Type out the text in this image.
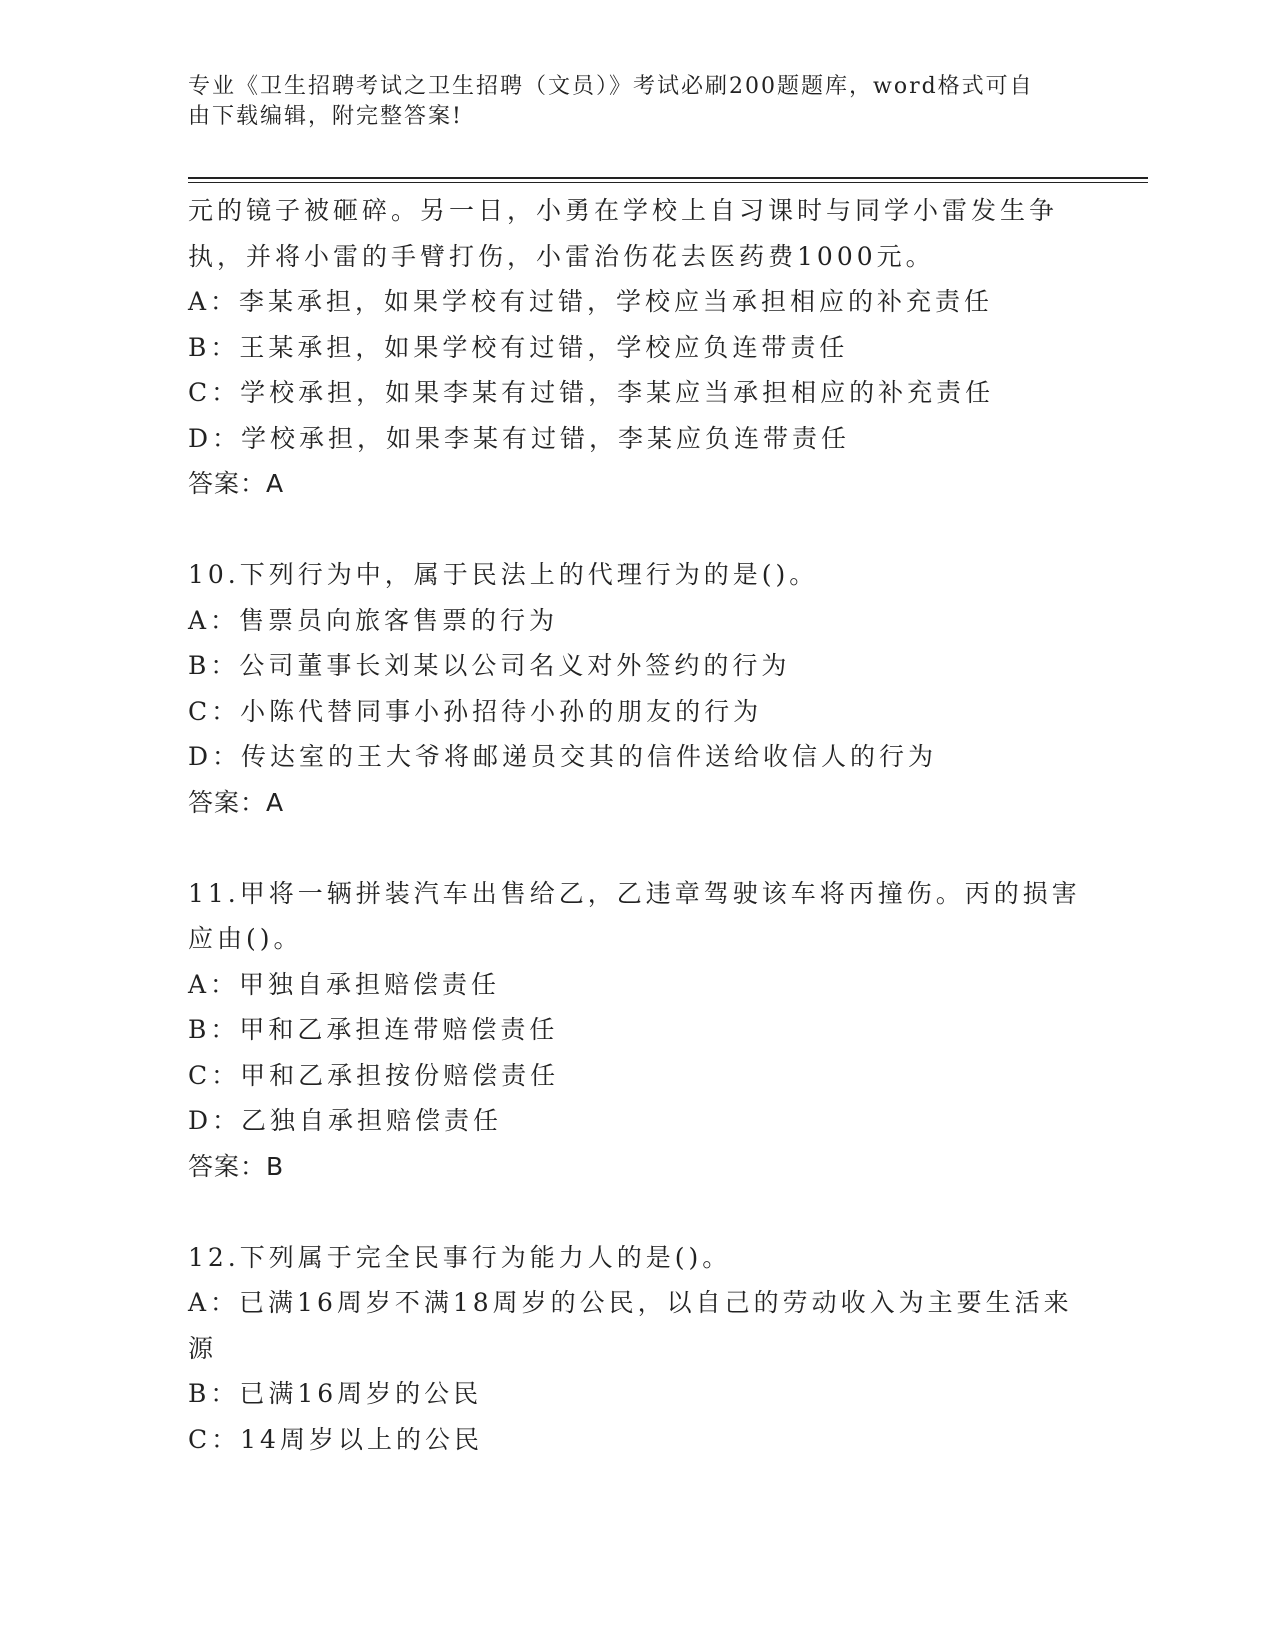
专业《卫生招聘考试之卫生招聘（文员）》考试必刷200题题库，word格式可自
由下载编辑，附完整答案!
元的镜子被砸碎。另一日，小勇在学校上自习课时与同学小雷发生争
执，并将小雷的手臂打伤，小雷治伤花去医药费1000元。
A：李某承担，如果学校有过错，学校应当承担相应的补充责任
B：王某承担，如果学校有过错，学校应负连带责任
C：学校承担，如果李某有过错，李某应当承担相应的补充责任
D：学校承担，如果李某有过错，李某应负连带责任
答案：A
10.下列行为中，属于民法上的代理行为的是()。
A：售票员向旅客售票的行为
B：公司董事长刘某以公司名义对外签约的行为
C：小陈代替同事小孙招待小孙的朋友的行为
D：传达室的王大爷将邮递员交其的信件送给收信人的行为
答案：A
11.甲将一辆拼装汽车出售给乙，乙违章驾驶该车将丙撞伤。丙的损害
应由()。
A：甲独自承担赔偿责任
B：甲和乙承担连带赔偿责任
C：甲和乙承担按份赔偿责任
D：乙独自承担赔偿责任
答案：B
12.下列属于完全民事行为能力人的是()。
A：已满16周岁不满18周岁的公民，以自己的劳动收入为主要生活来
源
B：已满16周岁的公民
C：14周岁以上的公民
